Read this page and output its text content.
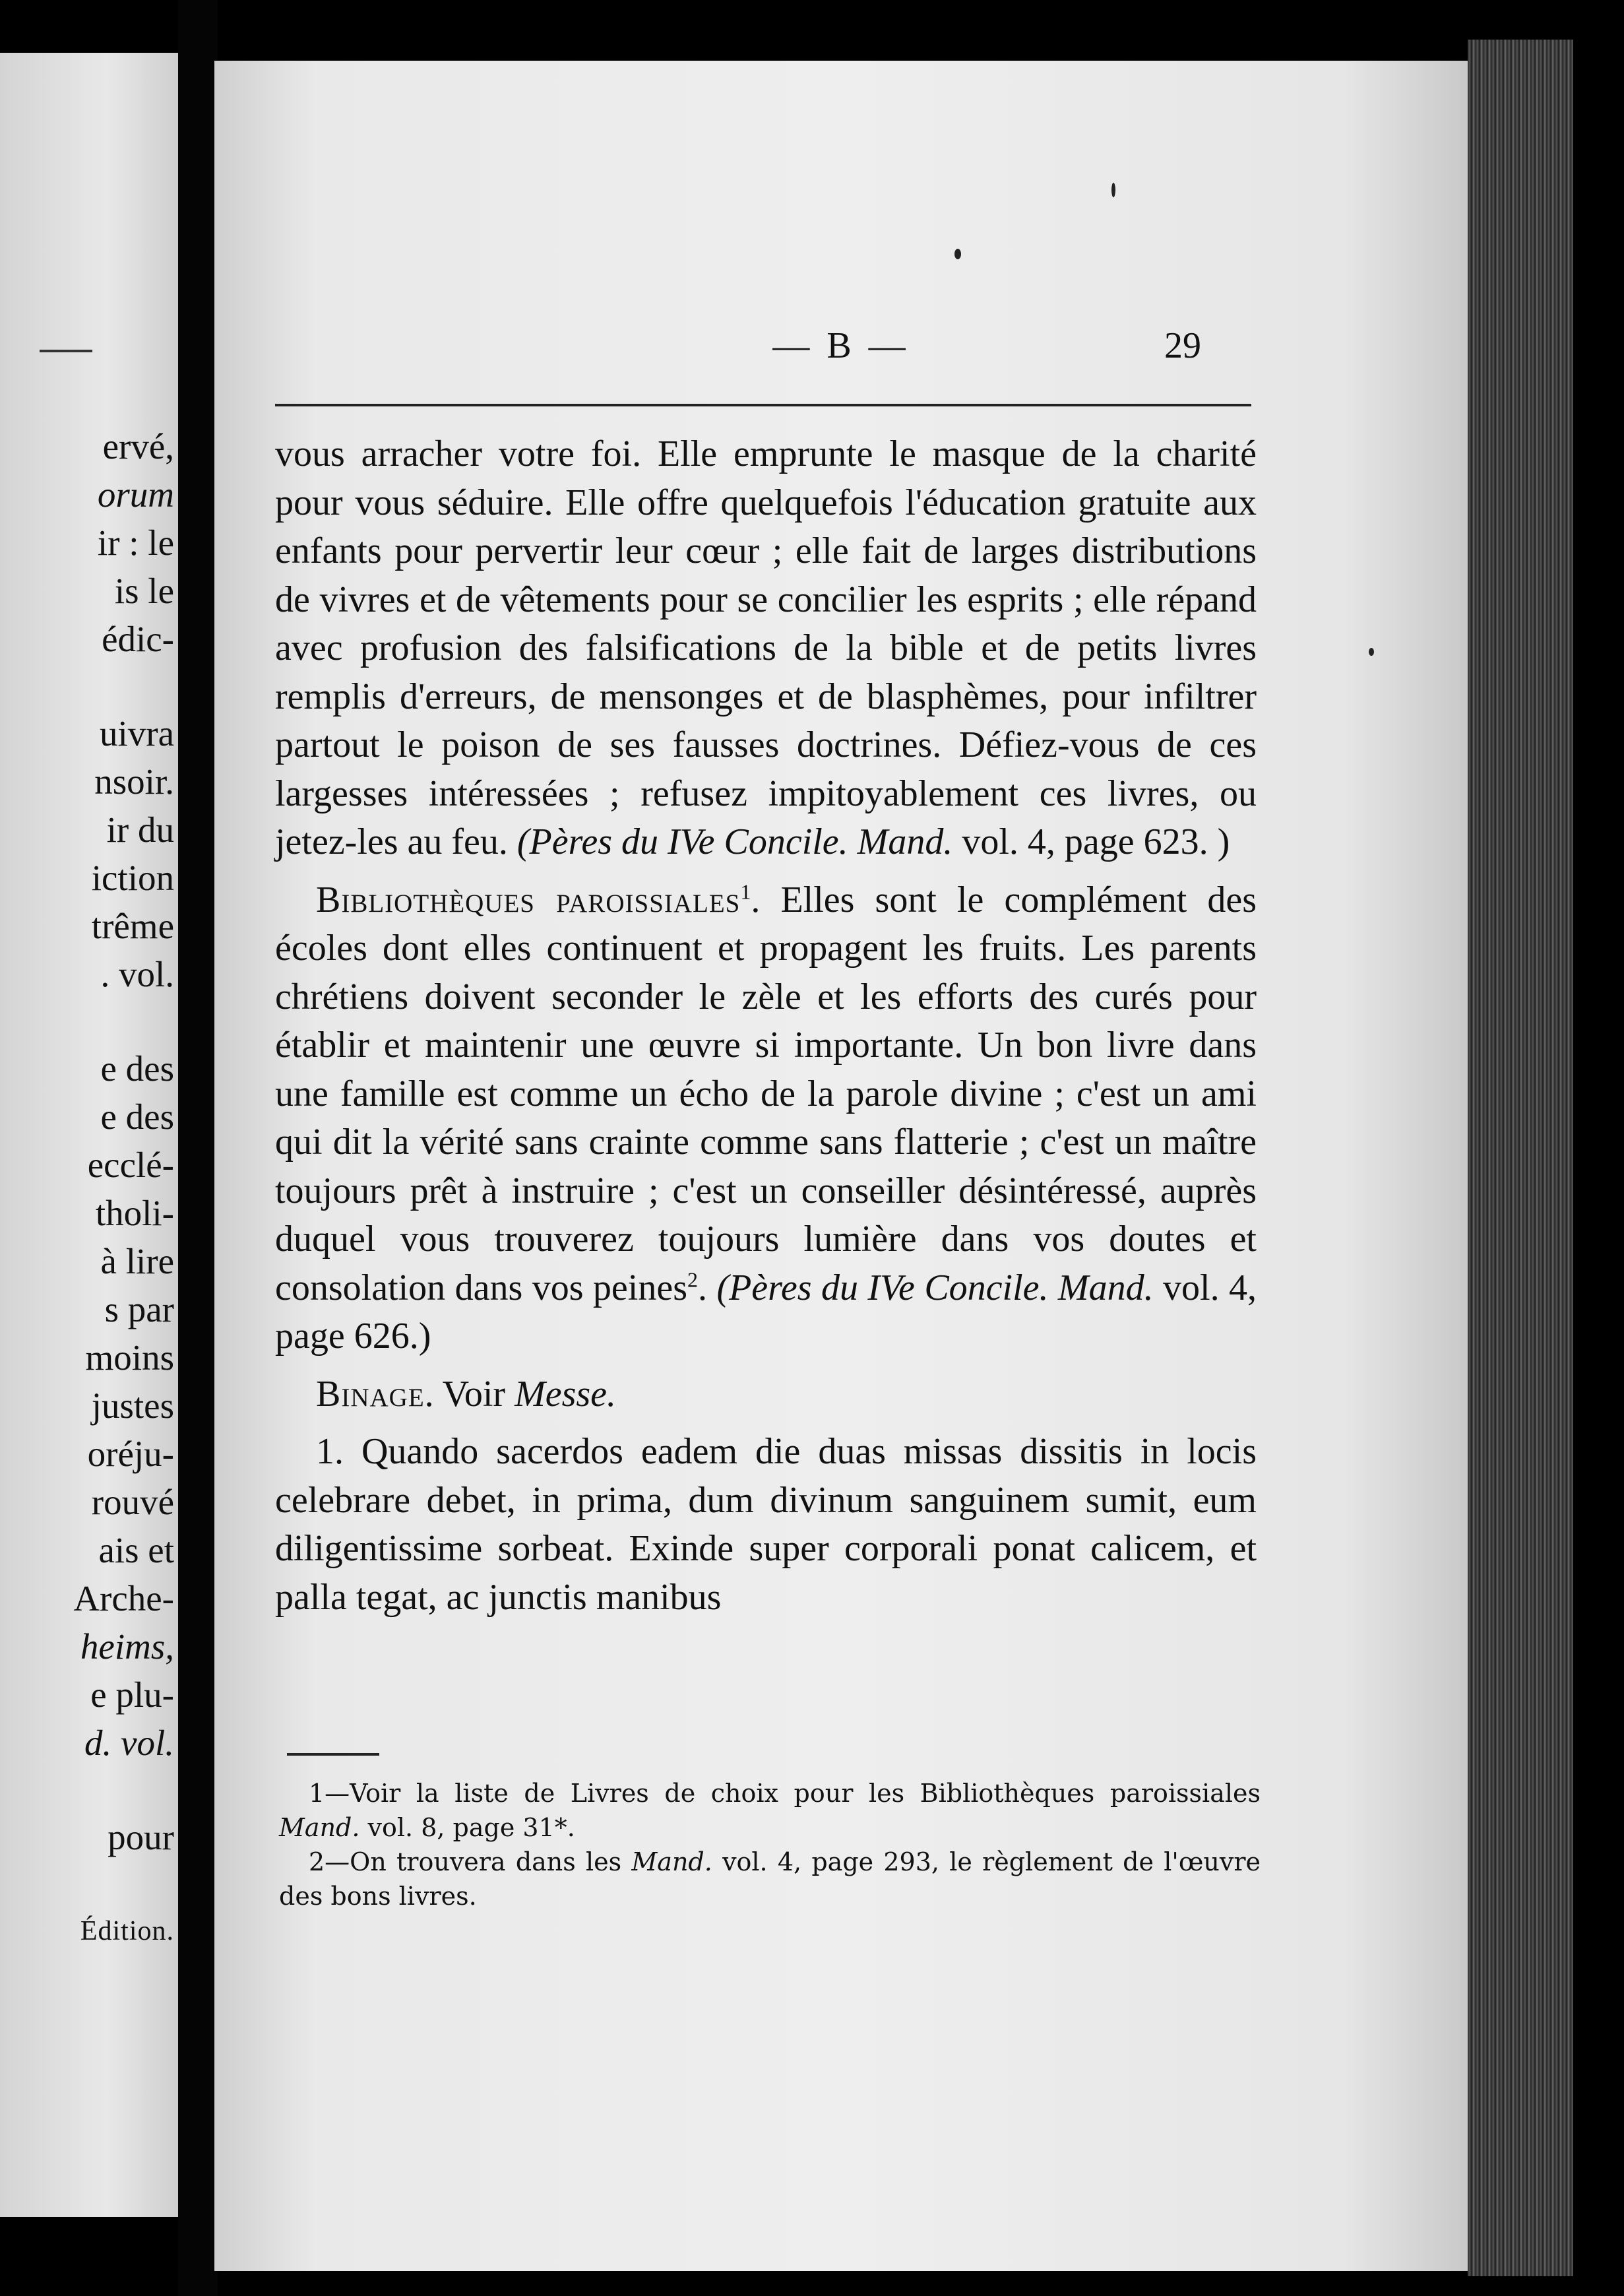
ervé,
orum
ir : le
is le
édic-
uivra
nsoir.
ir du
iction
trême
. vol.
e des
e des
ecclé-
tholi-
à lire
s par
moins
justes
oréju-
rouvé
ais et
Arche-
heims,
e plu-
d. vol.
pour
Édition.
— B —	29

vous arracher votre foi. Elle emprunte le masque de la charité pour vous séduire. Elle offre quelquefois l'éducation gratuite aux enfants pour pervertir leur cœur ; elle fait de larges distributions de vivres et de vêtements pour se concilier les esprits ; elle répand avec profusion des falsifications de la bible et de petits livres remplis d'erreurs, de mensonges et de blasphèmes, pour infiltrer partout le poison de ses fausses doctrines. Défiez-vous de ces largesses intéressées ; refusez impitoyablement ces livres, ou jetez-les au feu. (Pères du IVe Concile. Mand. vol. 4, page 623. )

Bibliothèques paroissiales$^1$. Elles sont le complément des écoles dont elles continuent et propagent les fruits. Les parents chrétiens doivent seconder le zèle et les efforts des curés pour établir et maintenir une œuvre si importante. Un bon livre dans une famille est comme un écho de la parole divine ; c'est un ami qui dit la vérité sans crainte comme sans flatterie ; c'est un maître toujours prêt à instruire ; c'est un conseiller désintéressé, auprès duquel vous trouverez toujours lumière dans vos doutes et consolation dans vos peines$^2$. (Pères du IVe Concile. Mand. vol. 4, page 626.)

Binage. Voir Messe.

1. Quando sacerdos eadem die duas missas dissitis in locis celebrare debet, in prima, dum divinum sanguinem sumit, eum diligentissime sorbeat. Exinde super corporali ponat calicem, et palla tegat, ac junctis manibus

1—Voir la liste de Livres de choix pour les Bibliothèques paroissiales Mand. vol. 8, page 31*.

2—On trouvera dans les Mand. vol. 4, page 293, le règlement de l'œuvre des bons livres.
